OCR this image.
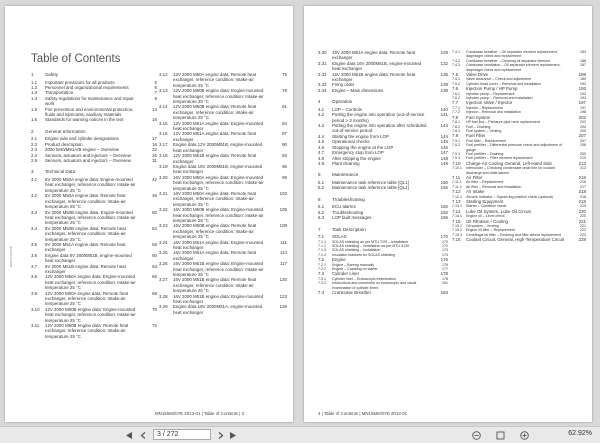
Table of Contents
MN15550/07E
1	Safety
1.1	Important provisions for all products	5
1.2	Personnel and organizational requirements	6
1.3	Transportation	7
1.4	Safety regulations for maintenance and repair work
8
1.5	Fire prevention and environmental protection, fluids and lubricants, auxiliary materials
14
1.6	Standards for warning notices in the text	16
2	General Information
2.1	Engine side and cylinder designations	17
2.2	Product description	18
2.3	2000 M40/M91A/B engine – Overview	22
2.4	Sensors, actuators and injectors – Overview	25
2.5	Sensors, actuators and injectors – Overview	31
3	Technical Data
3.1	8V 2000 M50A engine data: Engine-mounted heat exchanger, reference condition: Intake-air temperature 25 °C
42
3.2	8V 2000 M50A engine data: Remote heat exchanger, reference condition: Intake-air temperature 25 °C
46
3.3	8V 2000 M50B engine data: Engine-mounted heat exchanger, reference condition: Intake-air temperature 25 °C
50
3.4	8V 2000 M50B engine data: Remote heat exchanger, reference condition: Intake-air temperature 25 °C
54
3.5	8V 2000 M51A engine data: Remote heat exchanger
58
3.6	Engine data 8V 2000M51B, engine-mounted heat exchanger
60
3.7	8V 2000 M51B engine data: Remote heat exchanger
63
3.8	12V 2000 M50A engine data: Engine-mounted heat exchanger, reference condition: Intake-air temperature 25 °C
66
3.9	12V 2000 M50A engine data: Remote heat exchanger, reference condition: Intake-air temperature 25 °C
68
3.10	12V 2000 M50B engine data: Engine-mounted heat exchanger, reference condition: Intake-air temperature 25 °C
70
3.11	12V 2000 M50B engine data: Remote heat exchanger, reference condition: Intake-air temperature 25 °C
72
3.12	12V 2000 M50A engine data: Remote heat exchanger, reference condition: Intake-air temperature 25 °C
75
3.13	12V 2000 M50B engine data: Engine-mounted heat exchanger, reference condition: Intake-air temperature 25 °C
78
3.14	12V 2000 M50B engine data: Remote heat exchanger, reference condition: Intake-air temperature 25 °C
81
3.15	12V 2000 M51A engine data: Engine-mounted heat exchanger
84
3.16	12V 2000 M51A engine data: Remote heat exchanger
87
3.17	Engine data 12V 2000M51B, engine-mounted heat exchanger
90
3.18	12V 2000 M51B engine data: Remote heat exchanger
93
3.19	Engine data 16V 2000M51B, engine-mounted heat exchanger
96
3.20	16V 2000 M50A engine data: Engine-mounted heat exchanger, reference condition: Intake-air temperature 25 °C
99
3.21	16V 2000 M50A engine data: Remote heat exchanger, reference condition: Intake-air temperature 25 °C
102
3.22	16V 2000 M50B engine data: Engine-mounted heat exchanger, reference condition: Intake-air temperature 25 °C
105
3.23	16V 2000 M50B engine data: Remote heat exchanger, reference condition: Intake-air temperature 25 °C
108
3.24	16V 2000 M51A engine data: Engine-mounted heat exchanger
111
3.25	16V 2000 M51A engine data: Remote heat exchanger
114
3.26	16V 2000 M51B engine data: Engine-mounted heat exchanger, reference condition: Intake-air temperature 25 °C
117
3.27	16V 2000 M51B engine data: Remote heat exchanger, reference condition: Intake-air temperature 25 °C
120
3.28	16V 2000 M51B engine data: Engine-mounted heat exchanger
123
3.29	Engine data 16V 2000M51A, engine-mounted heat exchanger
126
MN15550/07E 2013-01 | Table of Contents | 3
3.30	16V 2000 M51A engine data: Remote heat exchanger
129
3.31	Engine data 16V 2000M51B, engine-mounted heat exchanger
132
3.32	16V 2000 M51B engine data: Remote heat exchanger
135
3.33	Firing order	138
3.34	Engine – Main dimensions	139
4	Operation
4.1	LOP – Controls	140
4.2	Putting the engine into operation (out-of-service period > 3 months)
141
4.3	Putting the engine into operation after scheduled out-of-service period
143
4.4	Starting the engine from LOP	144
4.5	Operational checks	145
4.6	Stopping the engine at the LOP	146
4.7	Emergency stop from LOP	147
4.8	After stopping the engine	148
4.9	Plant cleaning	149
5	Maintenance
5.1	Maintenance task reference table [QL1]	150
5.2	Maintenance task reference table [QL1]	155
6	Troubleshooting
6.1	ECU alarms	160
6.2	Troubleshooting	162
6.3	LOP fault messages	165
7	Task Description
7.1	SOLAS	170
7.1.1	SOLAS shielding as per MTU T/29 – Installation	170
7.1.2	SOLAS shielding – Installation as per MTU 5130	172
7.1.3	SOLAS shielding – Installation	173
7.1.4	Insulation blankets for SOLAS shielding	174
7.2	Engine	176
7.2.1	Engine – Barring manually	176
7.2.2	Engine – Cranking on starter	177
7.3	Cylinder Liner	178
7.3.1	Cylinder liner – Endoscopic examination	178
7.3.2	Instructions and comments on endoscopic and visual examination of cylinder liners
181
7.4	Crankcase Breather	184
7.4.1	Crankcase breather – Oil separator element replacement, diaphragm check and replacement
184
7.4.2	Crankcase breather – Cleaning oil separator element	186
7.4.3	Crankcase ventilation – Oil separator element replacement, diaphragm check and replacement
187
7.5	Valve Drive	189
7.5.1	Valve clearance – Check and adjustment	189
7.5.2	Cylinder head cover – Removal and installation	192
7.6	Injection Pump / HP Pump	193
7.6.1	Injection pump – Replacement	193
7.6.2	Injection pump – Removal and installation	194
7.7	Injection Valve / Injector	197
7.7.1	Injector – Replacement	197
7.7.2	Injector – Removal and installation	198
7.8	Fuel System	202
7.8.1	HP fuel line – Pressure pipe neck replacement	202
7.8.2	Fuel – Draining	204
7.8.3	Fuel system – Venting	205
7.9	Fuel Filter	207
7.9.1	Fuel filter – Replacement	207
7.9.2	Fuel prefilter – Differential pressure check and adjustment of gauge
208
7.9.3	Fuel prefilter – Draining	209
7.9.4	Fuel prefilter – Filter element replacement	210
7.10	Charge-Air Cooling General, Left-Hand Side	213
7.10.1	Intercooler – Checking condensate drain line for coolant discharge and obstructions
213
7.11	Air Filter	216
7.11.1	Air filter – Replacement	216
7.11.2	Air filter – Removal and installation	217
7.12	Air Intake	218
7.12.1	Service indicator – Signal ring position check (optional)	218
7.13	Starting Equipment	219
7.13.1	Starter – Condition check	219
7.14	Lube Oil System, Lube Oil Circuit	220
7.14.1	Engine oil – Level check	220
7.15	Oil Filtration / Cooling	221
7.15.1	Oil system – Venting	221
7.15.2	Engine oil filter – Replacement	222
7.15.3	Centrifugal oil filter – Cleaning and filter sleeve replacement	223
7.16	Coolant Circuit, General, High-Temperature Circuit	228
4 | Table of Contents | MN15550/07E 2013-01
3 / 272	62.92%
